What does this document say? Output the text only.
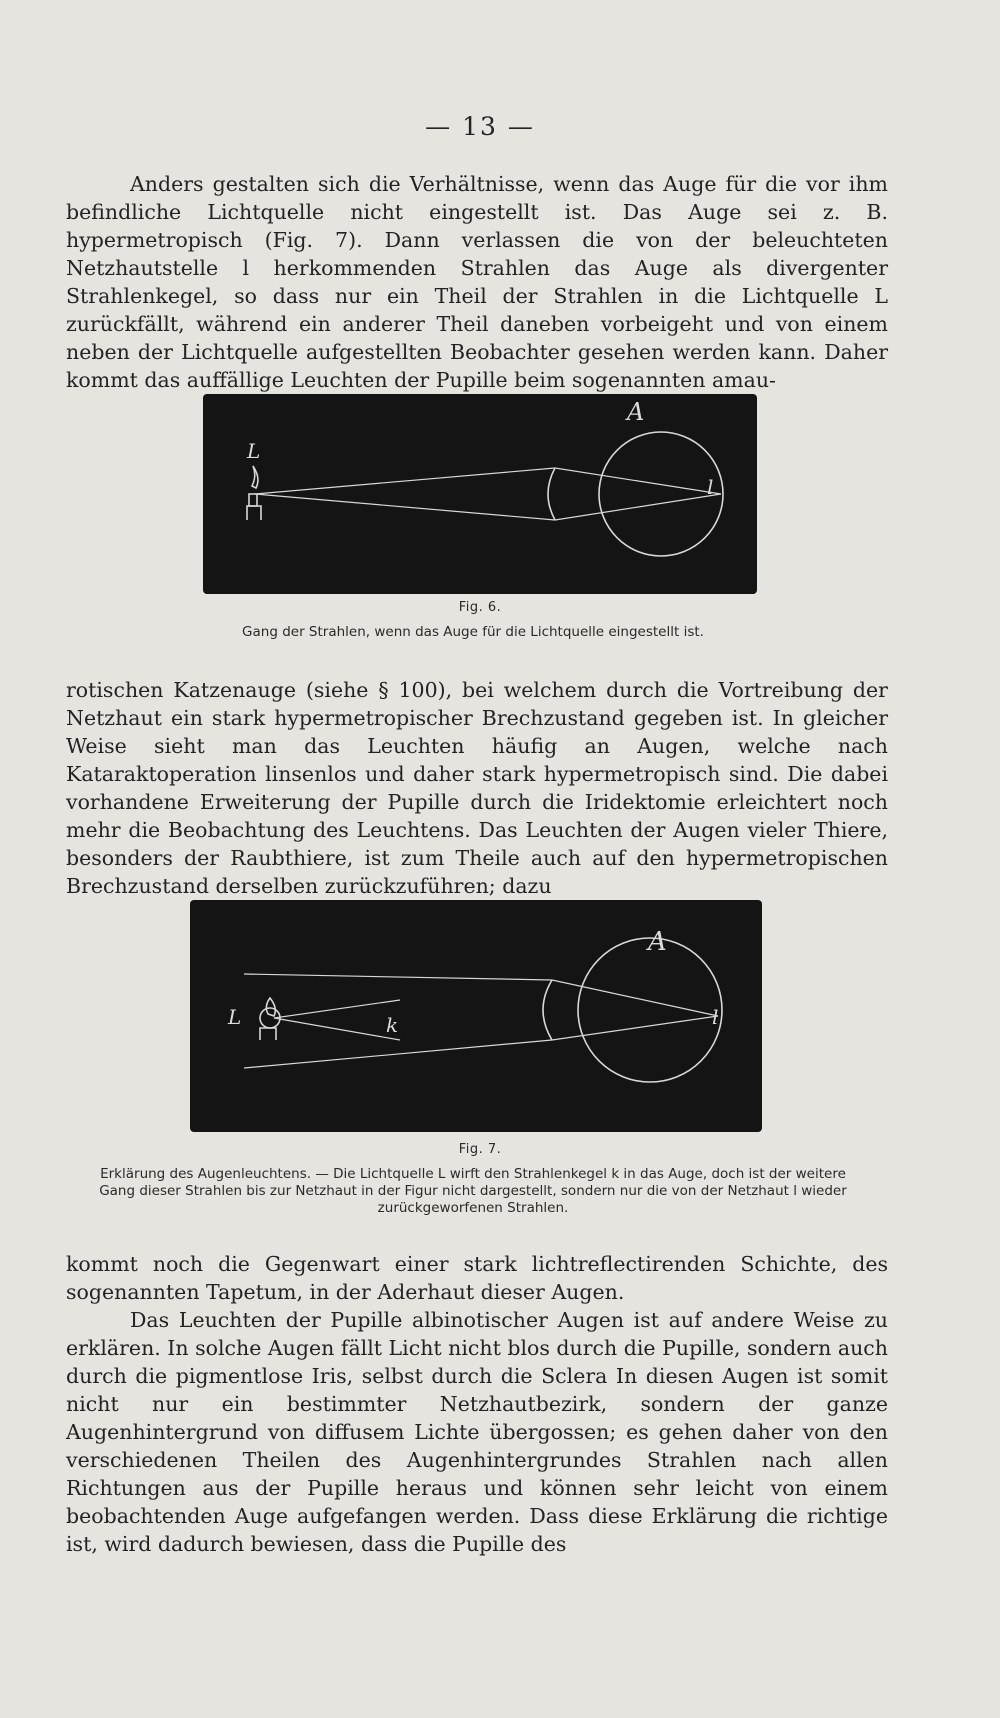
— 13 —

Anders gestalten sich die Verhältnisse, wenn das Auge für die vor ihm befindliche Lichtquelle nicht eingestellt ist. Das Auge sei z. B. hypermetropisch (Fig. 7). Dann verlassen die von der beleuchteten Netzhautstelle l herkommenden Strahlen das Auge als divergenter Strahlenkegel, so dass nur ein Theil der Strahlen in die Lichtquelle L zurückfällt, während ein anderer Theil daneben vorbeigeht und von einem neben der Lichtquelle aufgestellten Beobachter gesehen werden kann. Daher kommt das auffällige Leuchten der Pupille beim sogenannten amau-

A
L
l
Fig. 6.
Gang der Strahlen, wenn das Auge für die Lichtquelle eingestellt ist.

rotischen Katzenauge (siehe § 100), bei welchem durch die Vortreibung der Netzhaut ein stark hypermetropischer Brechzustand gegeben ist. In gleicher Weise sieht man das Leuchten häufig an Augen, welche nach Kataraktoperation linsenlos und daher stark hypermetropisch sind. Die dabei vorhandene Erweiterung der Pupille durch die Iridektomie erleichtert noch mehr die Beobachtung des Leuchtens. Das Leuchten der Augen vieler Thiere, besonders der Raubthiere, ist zum Theile auch auf den hypermetropischen Brechzustand derselben zurückzuführen; dazu

A
L	k	l
Fig. 7.
Erklärung des Augenleuchtens. — Die Lichtquelle L wirft den Strahlenkegel k in das Auge, doch ist der weitere Gang dieser Strahlen bis zur Netzhaut in der Figur nicht dargestellt, sondern nur die von der Netzhaut l wieder zurückgeworfenen Strahlen.

kommt noch die Gegenwart einer stark lichtreflectirenden Schichte, des sogenannten Tapetum, in der Aderhaut dieser Augen.

Das Leuchten der Pupille albinotischer Augen ist auf andere Weise zu erklären. In solche Augen fällt Licht nicht blos durch die Pupille, sondern auch durch die pigmentlose Iris, selbst durch die Sclera In diesen Augen ist somit nicht nur ein bestimmter Netzhautbezirk, sondern der ganze Augenhintergrund von diffusem Lichte übergossen; es gehen daher von den verschiedenen Theilen des Augenhintergrundes Strahlen nach allen Richtungen aus der Pupille heraus und können sehr leicht von einem beobachtenden Auge aufgefangen werden. Dass diese Erklärung die richtige ist, wird dadurch bewiesen, dass die Pupille des
